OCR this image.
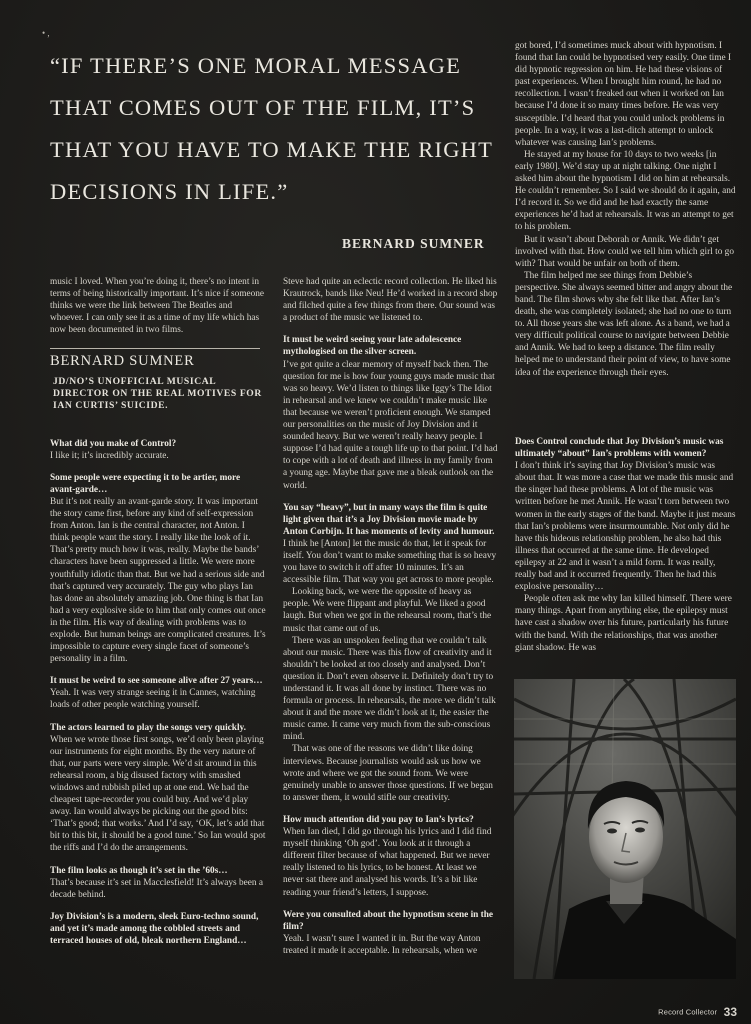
• ,
“IF THERE’S ONE MORAL MESSAGE THAT COMES OUT OF THE FILM, IT’S THAT YOU HAVE TO MAKE THE RIGHT DECISIONS IN LIFE.”
BERNARD SUMNER

music I loved. When you’re doing it, there’s no intent in terms of being historically important. It’s nice if someone thinks we were the link between The Beatles and whoever. I can only see it as a time of my life which has now been documented in two films.

BERNARD SUMNER
JD/NO’S UNOFFICIAL MUSICAL DIRECTOR ON THE REAL MOTIVES FOR IAN CURTIS’ SUICIDE.

What did you make of Control?

I like it; it’s incredibly accurate.

Some people were expecting it to be artier, more avant-garde…

But it’s not really an avant-garde story. It was important the story came first, before any kind of self-expression from Anton. Ian is the central character, not Anton. I think people want the story. I really like the look of it. That’s pretty much how it was, really. Maybe the bands’ characters have been suppressed a little. We were more youthfully idiotic than that. But we had a serious side and that’s captured very accurately. The guy who plays Ian has done an absolutely amazing job. One thing is that Ian had a very explosive side to him that only comes out once in the film. His way of dealing with problems was to explode. But human beings are complicated creatures. It’s impossible to capture every single facet of someone’s personality in a film.

It must be weird to see someone alive after 27 years…

Yeah. It was very strange seeing it in Cannes, watching loads of other people watching yourself.

The actors learned to play the songs very quickly.

When we wrote those first songs, we’d only been playing our instruments for eight months. By the very nature of that, our parts were very simple. We’d sit around in this rehearsal room, a big disused factory with smashed windows and rubbish piled up at one end. We had the cheapest tape-recorder you could buy. And we’d play away. Ian would always be picking out the good bits: ‘That’s good; that works.’ And I’d say, ‘OK, let’s add that bit to this bit, it should be a good tune.’ So Ian would spot the riffs and I’d do the arrangements.

The film looks as though it’s set in the ’60s…

That’s because it’s set in Macclesfield! It’s always been a decade behind.

Joy Division’s is a modern, sleek Euro-techno sound, and yet it’s made among the cobbled streets and terraced houses of old, bleak northern England…

Steve had quite an eclectic record collection. He liked his Krautrock, bands like Neu! He’d worked in a record shop and filched quite a few things from there. Our sound was a product of the music we listened to.

It must be weird seeing your late adolescence mythologised on the silver screen.

I’ve got quite a clear memory of myself back then. The question for me is how four young guys made music that was so heavy. We’d listen to things like Iggy’s The Idiot in rehearsal and we knew we couldn’t make music like that because we weren’t proficient enough. We stamped our personalities on the music of Joy Division and it sounded heavy. But we weren’t really heavy people. I suppose I’d had quite a tough life up to that point. I’d had to cope with a lot of death and illness in my family from a young age. Maybe that gave me a bleak outlook on the world.

You say “heavy”, but in many ways the film is quite light given that it’s a Joy Division movie made by Anton Corbijn. It has moments of levity and humour.

I think he [Anton] let the music do that, let it speak for itself. You don’t want to make something that is so heavy you have to switch it off after 10 minutes. It’s an accessible film. That way you get across to more people.

Looking back, we were the opposite of heavy as people. We were flippant and playful. We liked a good laugh. But when we got in the rehearsal room, that’s the music that came out of us.

There was an unspoken feeling that we couldn’t talk about our music. There was this flow of creativity and it shouldn’t be looked at too closely and analysed. Don’t question it. Don’t even observe it. Definitely don’t try to understand it. It was all done by instinct. There was no formula or process. In rehearsals, the more we didn’t talk about it and the more we didn’t look at it, the easier the music came. It came very much from the sub-conscious mind.

That was one of the reasons we didn’t like doing interviews. Because journalists would ask us how we wrote and where we got the sound from. We were genuinely unable to answer those questions. If we began to answer them, it would stifle our creativity.

How much attention did you pay to Ian’s lyrics?

When Ian died, I did go through his lyrics and I did find myself thinking ‘Oh god’. You look at it through a different filter because of what happened. But we never really listened to his lyrics, to be honest. At least we never sat there and analysed his words. It’s a bit like reading your friend’s letters, I suppose.

Were you consulted about the hypnotism scene in the film?

Yeah. I wasn’t sure I wanted it in. But the way Anton treated it made it acceptable. In rehearsals, when we

got bored, I’d sometimes muck about with hypnotism. I found that Ian could be hypnotised very easily. One time I did hypnotic regression on him. He had these visions of past experiences. When I brought him round, he had no recollection. I wasn’t freaked out when it worked on Ian because I’d done it so many times before. He was very susceptible. I’d heard that you could unlock problems in people. In a way, it was a last-ditch attempt to unlock whatever was causing Ian’s problems.

He stayed at my house for 10 days to two weeks [in early 1980]. We’d stay up at night talking. One night I asked him about the hypnotism I did on him at rehearsals. He couldn’t remember. So I said we should do it again, and I’d record it. So we did and he had exactly the same experiences he’d had at rehearsals. It was an attempt to get to his problem.

But it wasn’t about Deborah or Annik. We didn’t get involved with that. How could we tell him which girl to go with? That would be unfair on both of them.

The film helped me see things from Debbie’s perspective. She always seemed bitter and angry about the band. The film shows why she felt like that. After Ian’s death, she was completely isolated; she had no one to turn to. All those years she was left alone. As a band, we had a very difficult political course to navigate between Debbie and Annik. We had to keep a distance. The film really helped me to understand their point of view, to have some idea of the experience through their eyes.

Does Control conclude that Joy Division’s music was ultimately “about” Ian’s problems with women?

I don’t think it’s saying that Joy Division’s music was about that. It was more a case that we made this music and the singer had these problems. A lot of the music was written before he met Annik. He wasn’t torn between two women in the early stages of the band. Maybe it just means that Ian’s problems were insurmountable. Not only did he have this hideous relationship problem, he also had this illness that occurred at the same time. He developed epilepsy at 22 and it wasn’t a mild form. It was really, really bad and it occurred frequently. Then he had this explosive personality…

People often ask me why Ian killed himself. There were many things. Apart from anything else, the epilepsy must have cast a shadow over his future, particularly his future with the band. With the relationships, that was another giant shadow. He was

Record Collector 33
